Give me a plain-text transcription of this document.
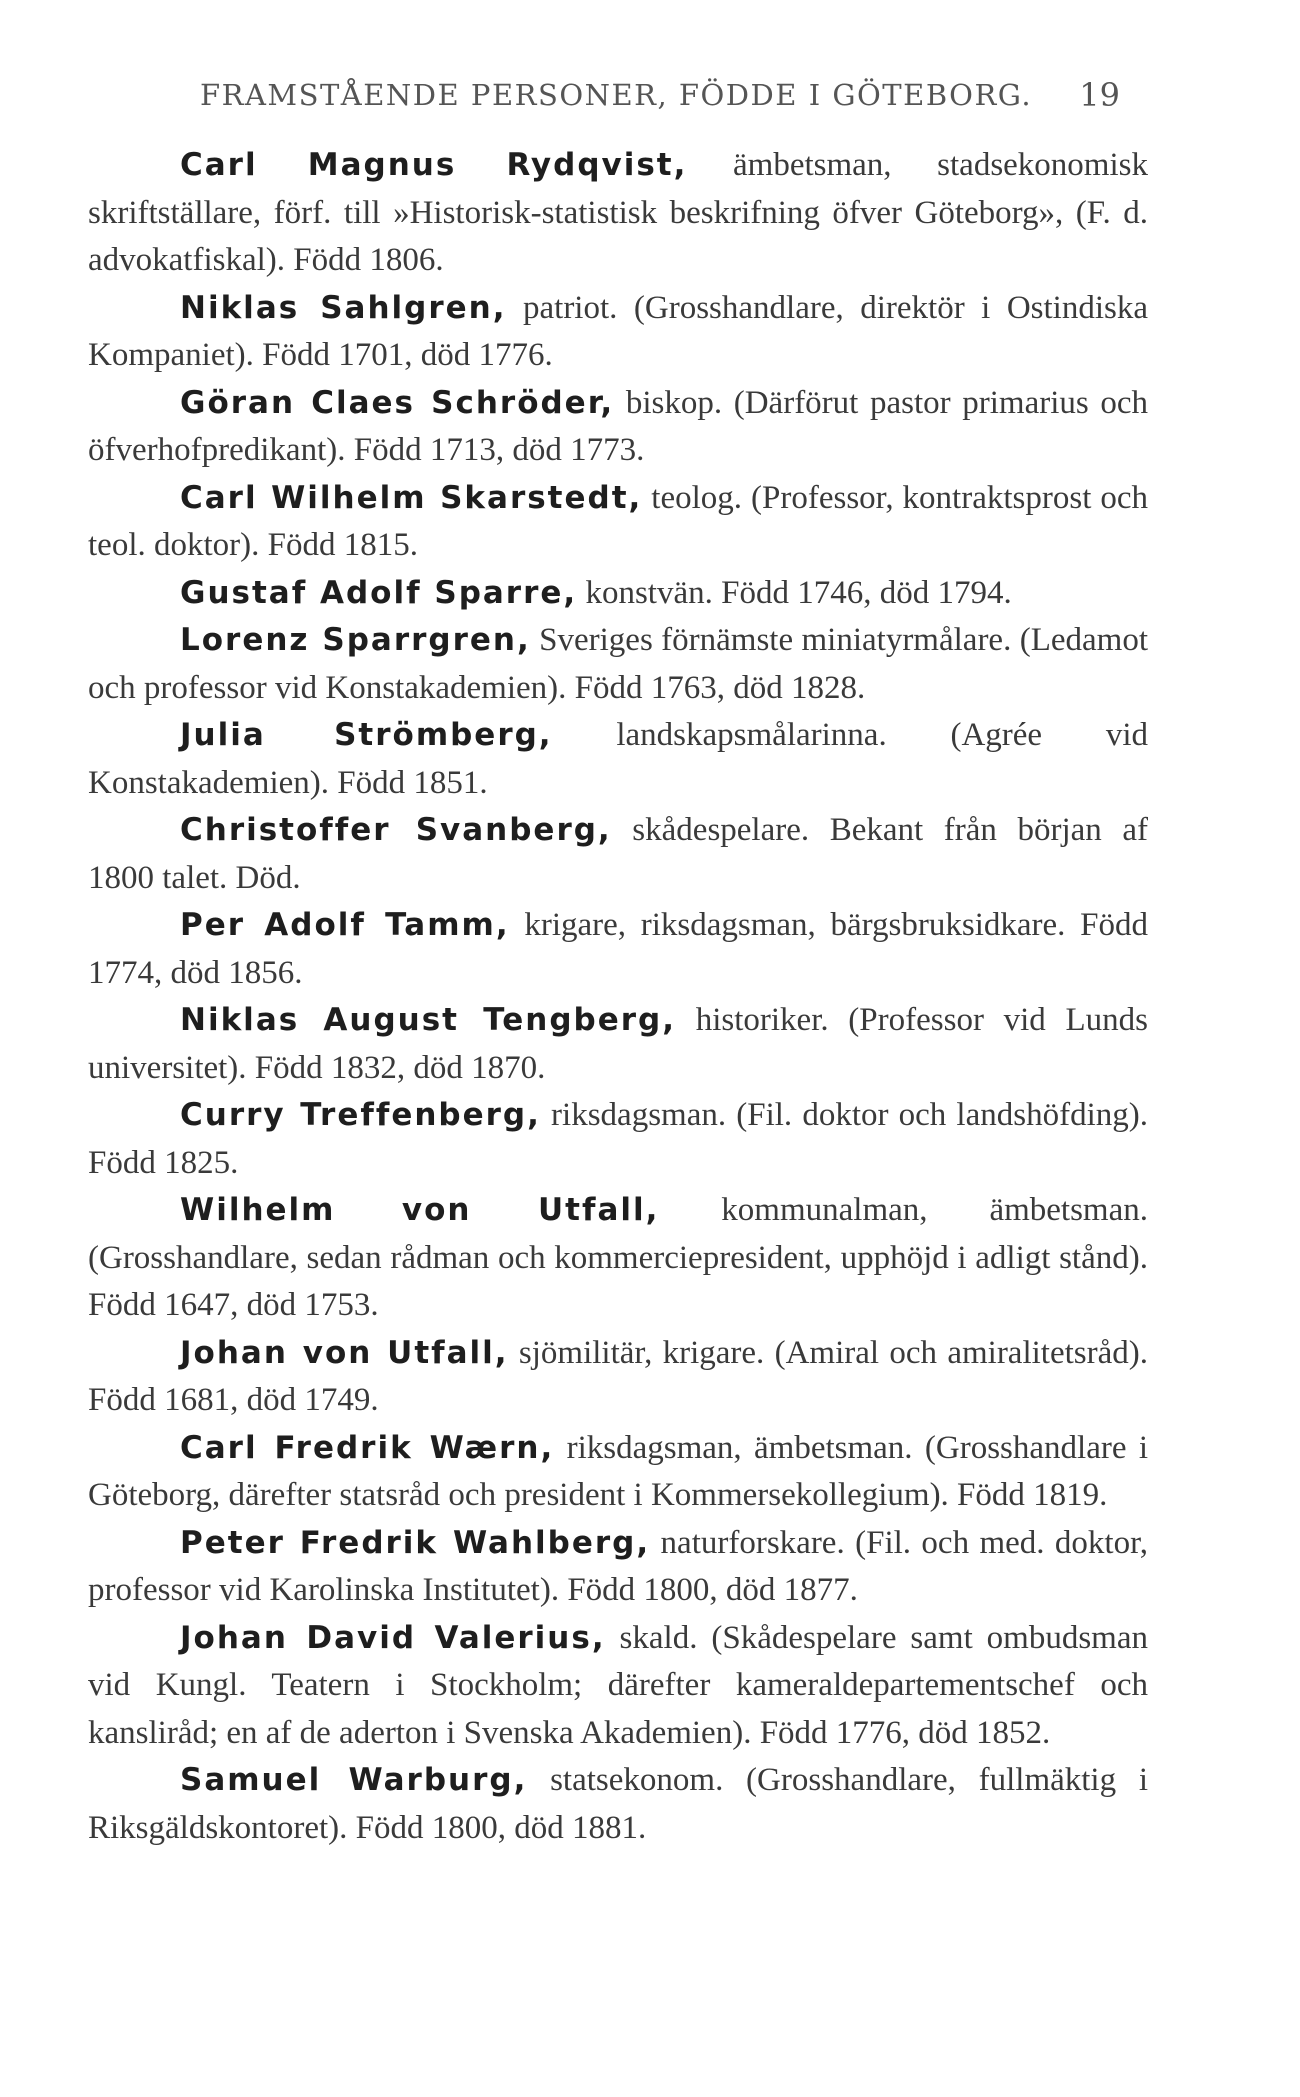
FRAMSTÅENDE PERSONER, FÖDDE I GÖTEBORG. 19

Carl Magnus Rydqvist, ämbetsman, stadsekonomisk skriftställare, förf. till »Historisk-statistisk beskrifning öfver Göteborg», (F. d. advokatfiskal). Född 1806.

Niklas Sahlgren, patriot. (Grosshandlare, direktör i Ostindiska Kompaniet). Född 1701, död 1776.

Göran Claes Schröder, biskop. (Därförut pastor primarius och öfverhofpredikant). Född 1713, död 1773.

Carl Wilhelm Skarstedt, teolog. (Professor, kontraktsprost och teol. doktor). Född 1815.

Gustaf Adolf Sparre, konstvän. Född 1746, död 1794.

Lorenz Sparrgren, Sveriges förnämste miniatyrmålare. (Ledamot och professor vid Konstakademien). Född 1763, död 1828.

Julia Strömberg, landskapsmålarinna. (Agrée vid Konstakademien). Född 1851.

Christoffer Svanberg, skådespelare. Bekant från början af 1800 talet. Död.

Per Adolf Tamm, krigare, riksdagsman, bärgsbruksidkare. Född 1774, död 1856.

Niklas August Tengberg, historiker. (Professor vid Lunds universitet). Född 1832, död 1870.

Curry Treffenberg, riksdagsman. (Fil. doktor och landshöfding). Född 1825.

Wilhelm von Utfall, kommunalman, ämbetsman. (Grosshandlare, sedan rådman och kommerciepresident, upphöjd i adligt stånd). Född 1647, död 1753.

Johan von Utfall, sjömilitär, krigare. (Amiral och amiralitetsråd). Född 1681, död 1749.

Carl Fredrik Wærn, riksdagsman, ämbetsman. (Grosshandlare i Göteborg, därefter statsråd och president i Kommersekollegium). Född 1819.

Peter Fredrik Wahlberg, naturforskare. (Fil. och med. doktor, professor vid Karolinska Institutet). Född 1800, död 1877.

Johan David Valerius, skald. (Skådespelare samt ombudsman vid Kungl. Teatern i Stockholm; därefter kameraldepartementschef och kansliråd; en af de aderton i Svenska Akademien). Född 1776, död 1852.

Samuel Warburg, statsekonom. (Grosshandlare, fullmäktig i Riksgäldskontoret). Född 1800, död 1881.
